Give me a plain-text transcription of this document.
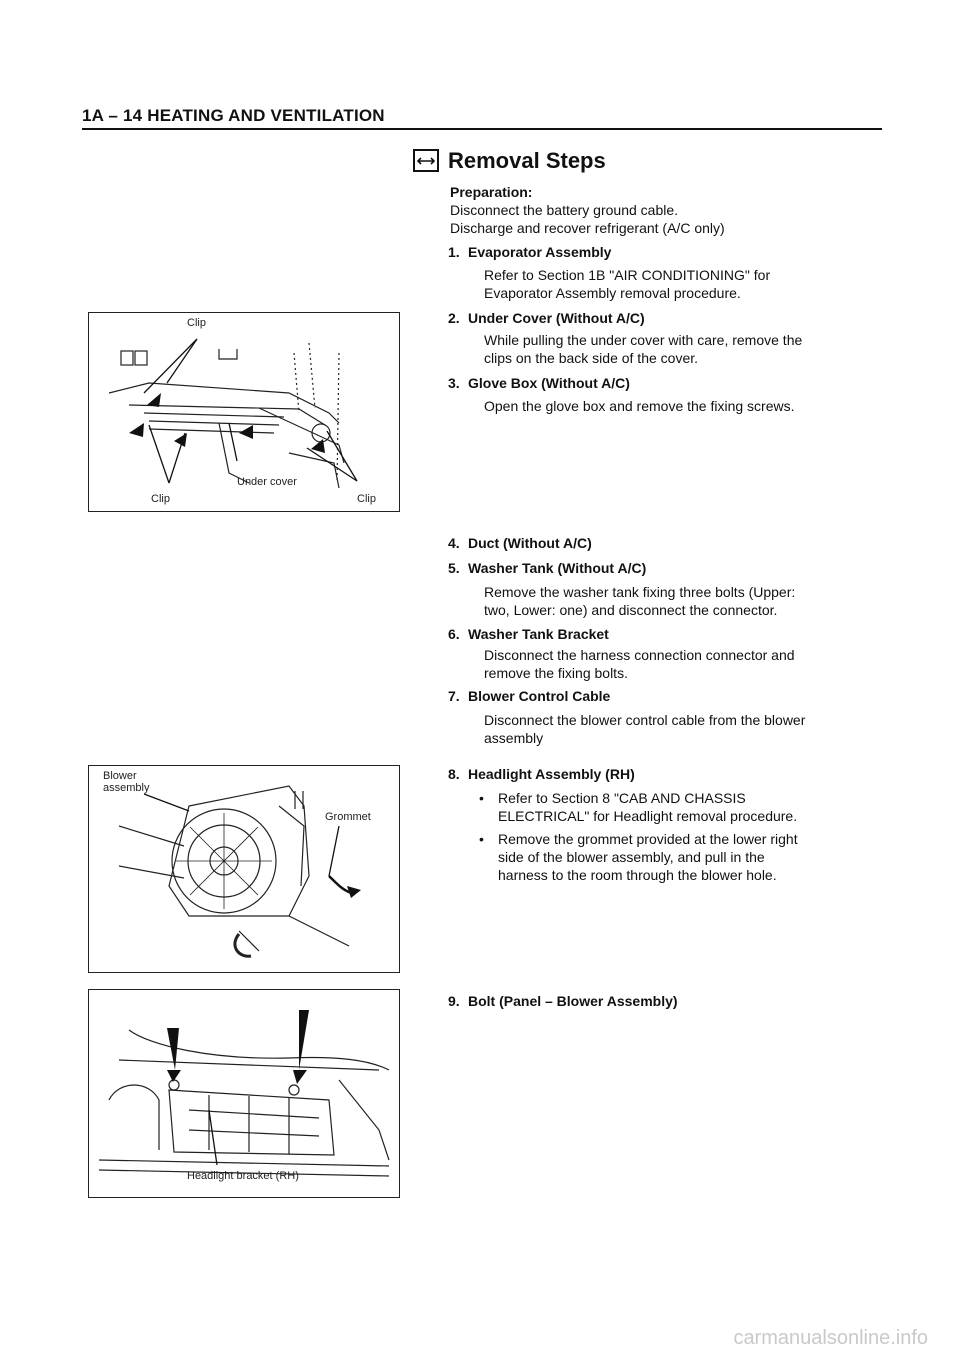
1A – 14 HEATING AND VENTILATION
Clip
Under cover
Clip	Clip
Blower
assembly
Grommet
Headlight bracket (RH)
Removal Steps
Preparation:
Disconnect the battery ground cable.
Discharge and recover refrigerant (A/C only)
1. Evaporator Assembly
Refer to Section 1B "AIR CONDITIONING" for
Evaporator Assembly removal procedure.
2. Under Cover (Without A/C)
While pulling the under cover with care, remove the
clips on the back side of the cover.
3. Glove Box (Without A/C)
Open the glove box and remove the fixing screws.
4. Duct (Without A/C)
5. Washer Tank (Without A/C)
Remove the washer tank fixing three bolts (Upper:
two, Lower: one) and disconnect the connector.
6. Washer Tank Bracket
Disconnect the harness connection connector and
remove the fixing bolts.
7. Blower Control Cable
Disconnect the blower control cable from the blower
assembly
8. Headlight Assembly (RH)
• Refer to Section 8 "CAB AND CHASSIS
ELECTRICAL" for Headlight removal procedure.
• Remove the grommet provided at the lower right
side of the blower assembly, and pull in the
harness to the room through the blower hole.
9. Bolt (Panel – Blower Assembly)
carmanualsonline.info
